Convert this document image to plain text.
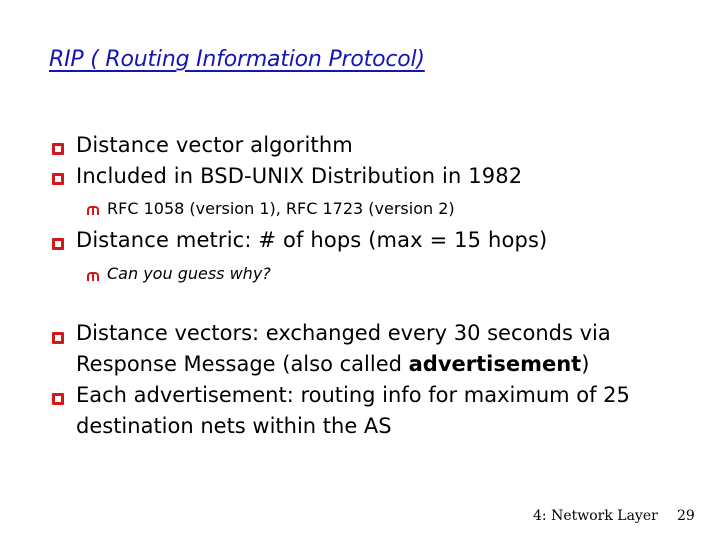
RIP ( Routing Information Protocol)
Distance vector algorithm
Included in BSD-UNIX Distribution in 1982
RFC 1058 (version 1), RFC 1723 (version 2)
Distance metric: # of hops (max = 15 hops)
Can you guess why?
Distance vectors: exchanged every 30 seconds via
Response Message (also called advertisement)
Each advertisement: routing info for maximum of 25
destination nets within the AS
4: Network Layer 29
